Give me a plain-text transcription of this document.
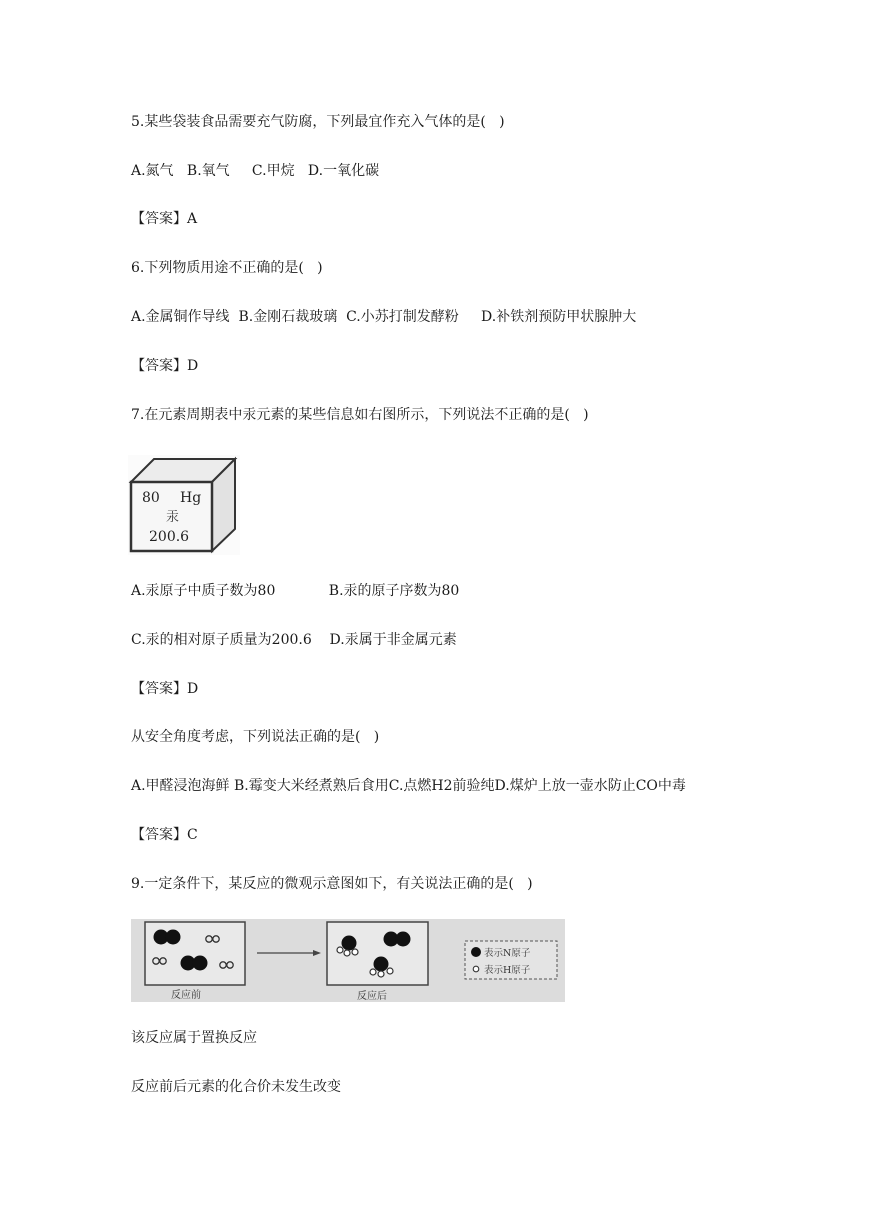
5.某些袋装食品需要充气防腐，下列最宜作充入气体的是(   )
A.氮气   B.氧气     C.甲烷   D.一氧化碳
【答案】A
6.下列物质用途不正确的是(   )
A.金属铜作导线  B.金刚石裁玻璃  C.小苏打制发酵粉     D.补铁剂预防甲状腺肿大
【答案】D
7.在元素周期表中汞元素的某些信息如右图所示，下列说法不正确的是(   )
80 Hg
汞
200.6
A.汞原子中质子数为80            B.汞的原子序数为80
C.汞的相对原子质量为200.6    D.汞属于非金属元素
【答案】D
从安全角度考虑，下列说法正确的是(   )
A.甲醛浸泡海鲜 B.霉变大米经煮熟后食用C.点燃H2前验纯D.煤炉上放一壶水防止CO中毒
【答案】C
9.一定条件下，某反应的微观示意图如下，有关说法正确的是(   )
反应前	反应后
表示N原子
表示H原子
该反应属于置换反应
反应前后元素的化合价未发生改变
